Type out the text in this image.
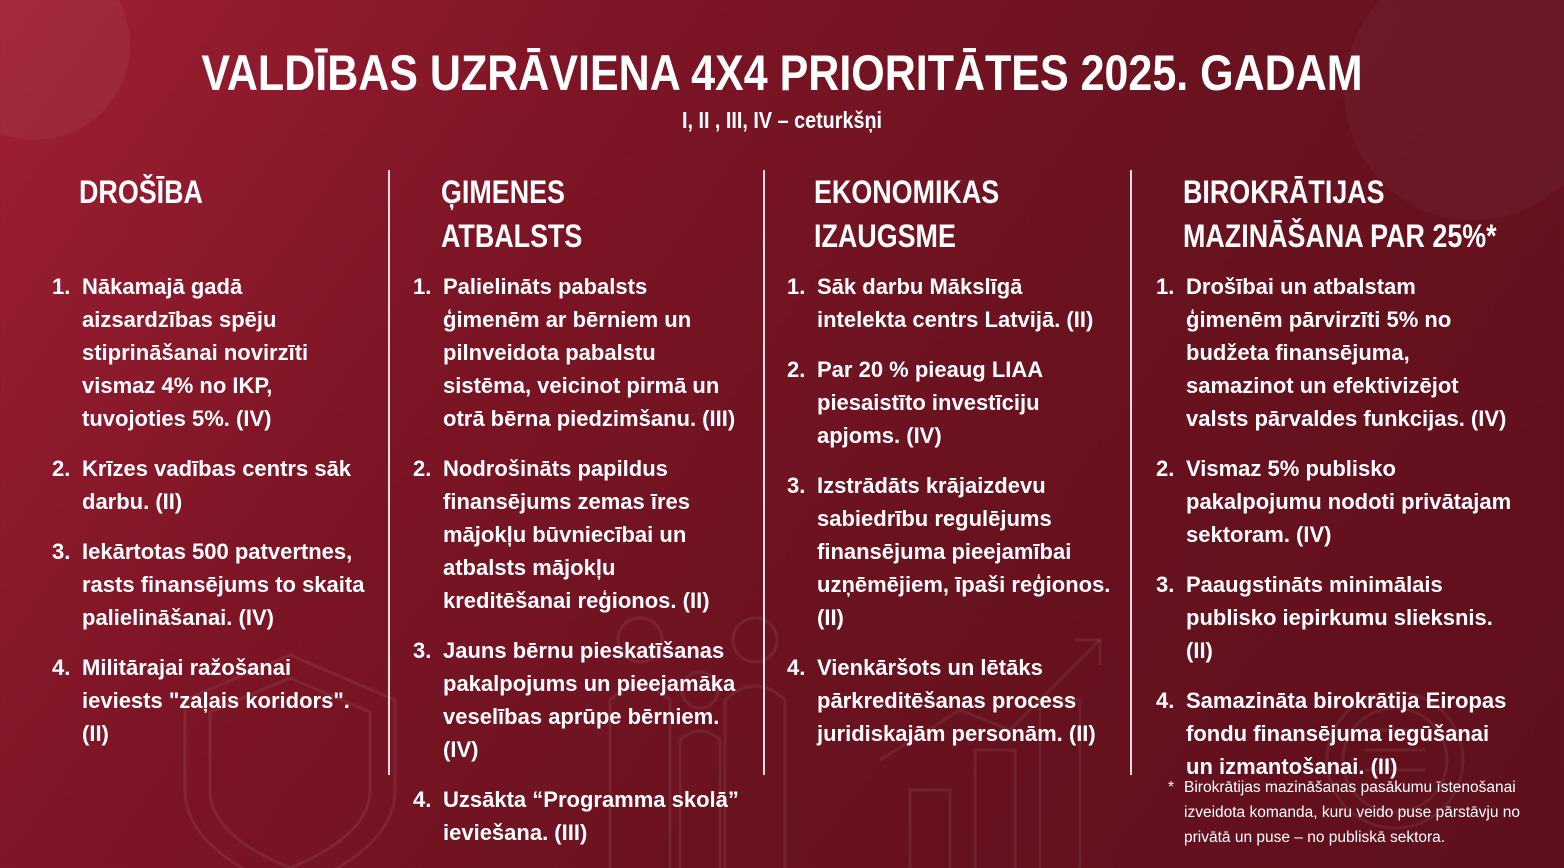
VALDĪBAS UZRĀVIENA 4X4 PRIORITĀTES 2025. GADAM
I, II , III, IV – ceturkšņi
DROŠĪBA
1. Nākamajā gadā aizsardzības spēju stiprināšanai novirzīti vismaz 4% no IKP, tuvojoties 5%. (IV)
2. Krīzes vadības centrs sāk darbu. (II)
3. Iekārtotas 500 patvertnes, rasts finansējums to skaita palielināšanai. (IV)
4. Militārajai ražošanai ieviests "zaļais koridors". (II)
ĢIMENES
ATBALSTS
1. Palielināts pabalsts ģimenēm ar bērniem un pilnveidota pabalstu sistēma, veicinot pirmā un otrā bērna piedzimšanu. (III)
2. Nodrošināts papildus finansējums zemas īres mājokļu būvniecībai un atbalsts mājokļu kreditēšanai reģionos. (II)
3. Jauns bērnu pieskatīšanas pakalpojums un pieejamāka veselības aprūpe bērniem. (IV)
4. Uzsākta “Programma skolā” ieviešana. (III)
EKONOMIKAS
IZAUGSME
1. Sāk darbu Mākslīgā intelekta centrs Latvijā. (II)
2. Par 20 % pieaug LIAA piesaistīto investīciju apjoms. (IV)
3. Izstrādāts krājaizdevu sabiedrību regulējums finansējuma pieejamībai uzņēmējiem, īpaši reģionos. (II)
4. Vienkāršots un lētāks pārkreditēšanas process juridiskajām personām. (II)
BIROKRĀTIJAS
MAZINĀŠANA PAR 25%*
1. Drošībai un atbalstam ģimenēm pārvirzīti 5% no budžeta finansējuma, samazinot un efektivizējot valsts pārvaldes funkcijas. (IV)
2. Vismaz 5% publisko pakalpojumu nodoti privātajam sektoram. (IV)
3. Paaugstināts minimālais publisko iepirkumu slieksnis. (II)
4. Samazināta birokrātija Eiropas fondu finansējuma iegūšanai un izmantošanai. (II)
* Birokrātijas mazināšanas pasākumu īstenošanai izveidota komanda, kuru veido puse pārstāvju no privātā un puse – no publiskā sektora.
